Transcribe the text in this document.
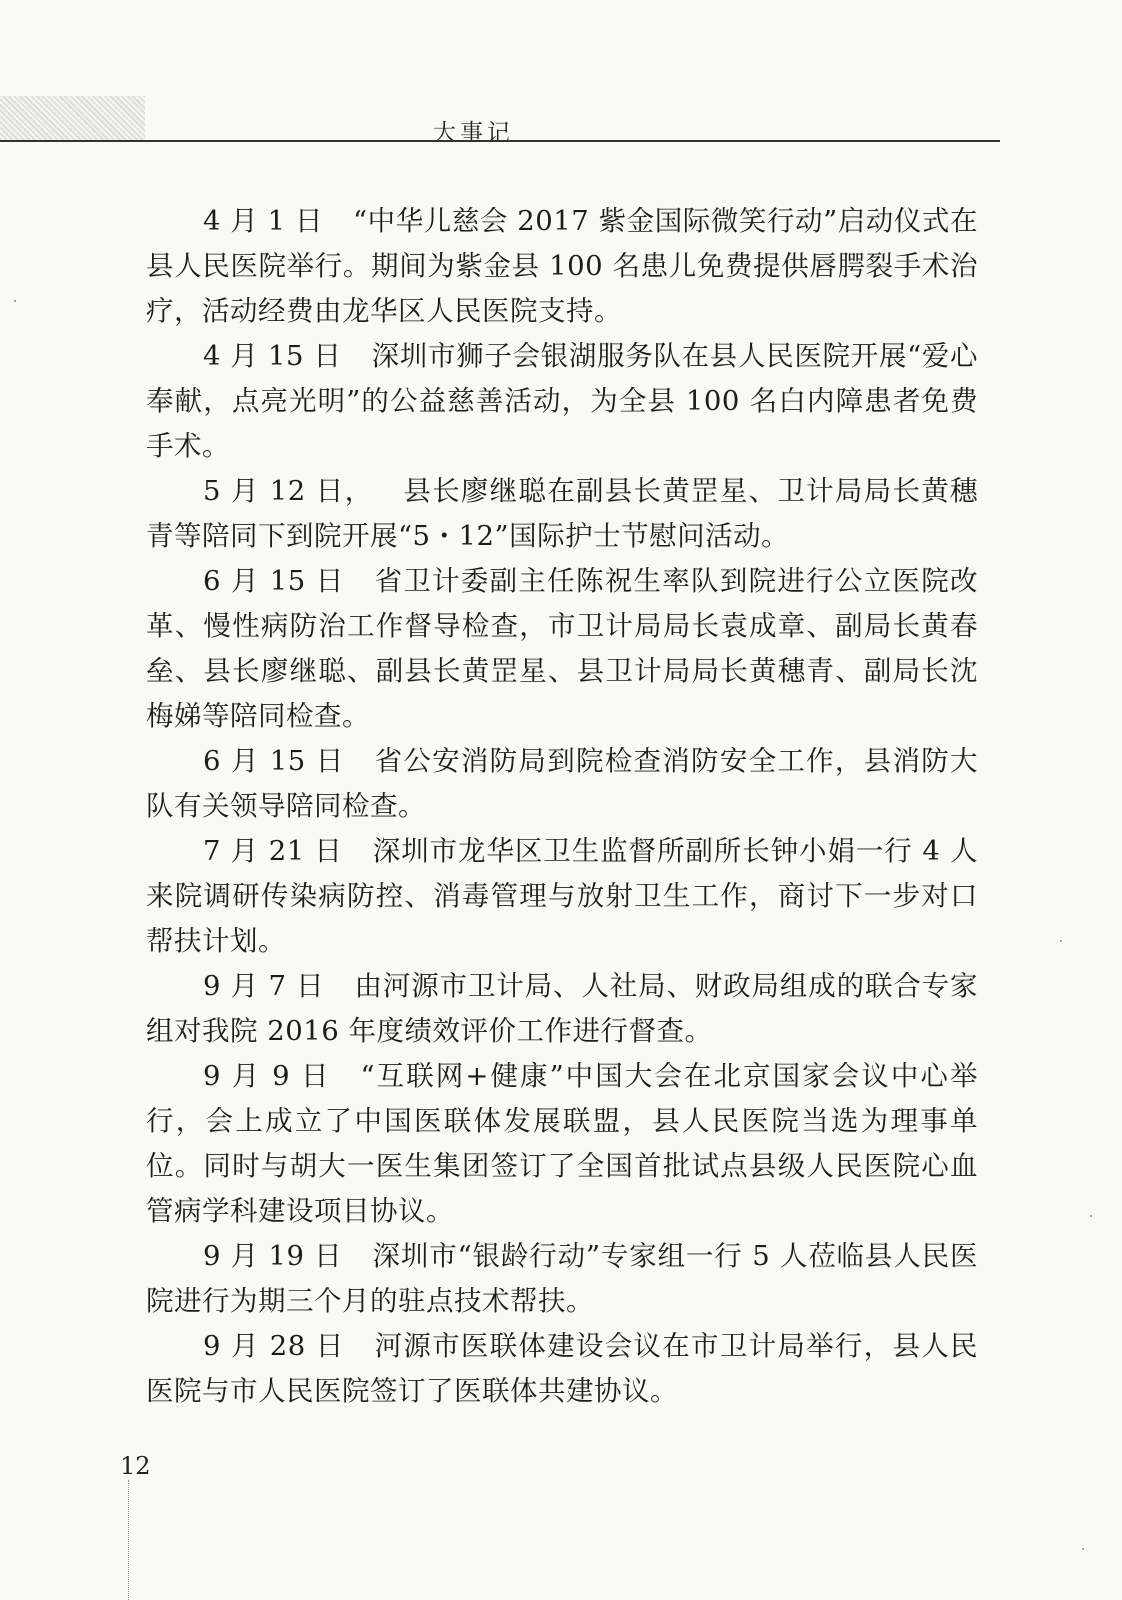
大事记

4 月 1 日 “中华儿慈会 2017 紫金国际微笑行动”启动仪式在县人民医院举行。期间为紫金县 100 名患儿免费提供唇腭裂手术治疗，活动经费由龙华区人民医院支持。

4 月 15 日 深圳市狮子会银湖服务队在县人民医院开展“爱心奉献，点亮光明”的公益慈善活动，为全县 100 名白内障患者免费手术。

5 月 12 日， 县长廖继聪在副县长黄罡星、卫计局局长黄穗青等陪同下到院开展“5・12”国际护士节慰问活动。

6 月 15 日 省卫计委副主任陈祝生率队到院进行公立医院改革、慢性病防治工作督导检查，市卫计局局长袁成章、副局长黄春垒、县长廖继聪、副县长黄罡星、县卫计局局长黄穗青、副局长沈梅娣等陪同检查。

6 月 15 日 省公安消防局到院检查消防安全工作，县消防大队有关领导陪同检查。

7 月 21 日 深圳市龙华区卫生监督所副所长钟小娟一行 4 人来院调研传染病防控、消毒管理与放射卫生工作，商讨下一步对口帮扶计划。

9 月 7 日 由河源市卫计局、人社局、财政局组成的联合专家组对我院 2016 年度绩效评价工作进行督查。

9 月 9 日 “互联网+健康”中国大会在北京国家会议中心举行，会上成立了中国医联体发展联盟，县人民医院当选为理事单位。同时与胡大一医生集团签订了全国首批试点县级人民医院心血管病学科建设项目协议。

9 月 19 日 深圳市“银龄行动”专家组一行 5 人莅临县人民医院进行为期三个月的驻点技术帮扶。

9 月 28 日 河源市医联体建设会议在市卫计局举行，县人民医院与市人民医院签订了医联体共建协议。

12
